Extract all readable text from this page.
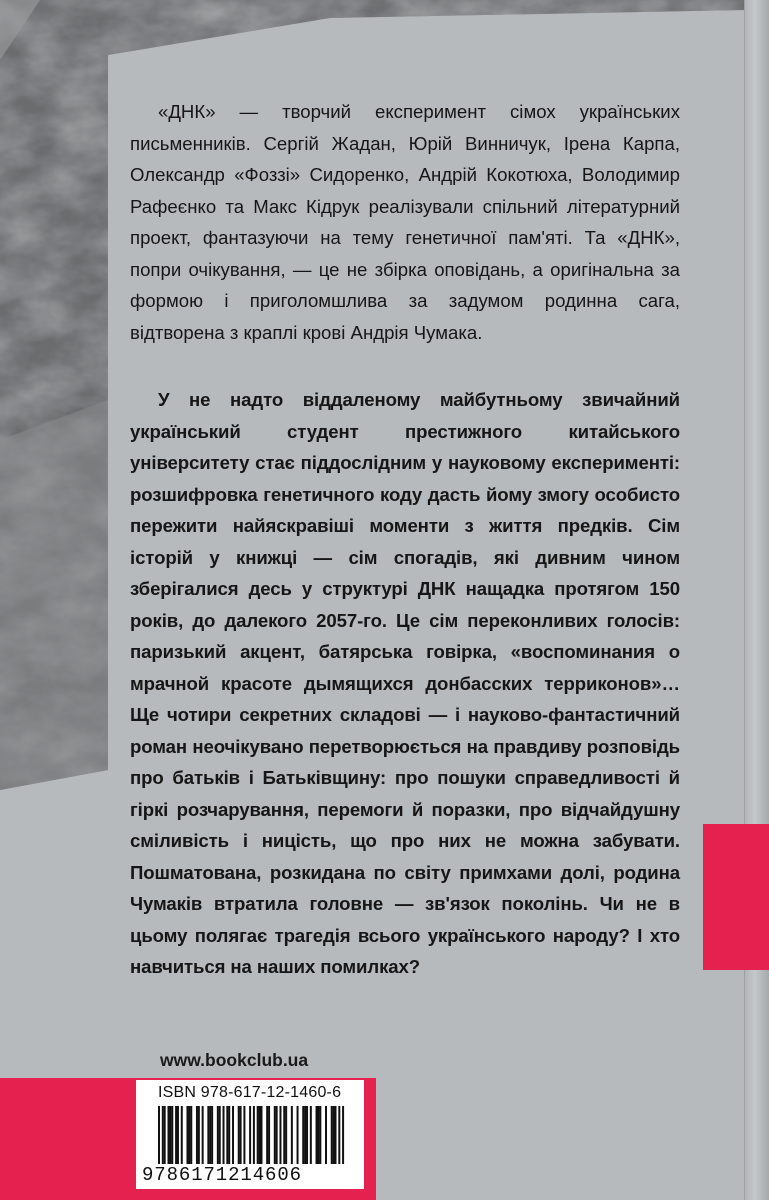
«ДНК» — творчий експеримент сімох українських письменників. Сергій Жадан, Юрій Винничук, Ірена Карпа, Олександр «Фоззі» Сидоренко, Андрій Кокотюха, Володимир Рафеєнко та Макс Кідрук реалізували спільний літературний проект, фантазуючи на тему генетичної пам'яті. Та «ДНК», попри очікування, — це не збірка оповідань, а оригінальна за формою і приголомшлива за задумом родинна сага, відтворена з краплі крові Андрія Чумака.

У не надто віддаленому майбутньому звичайний український студент престижного китайського університету стає піддослідним у науковому експерименті: розшифровка генетичного коду дасть йому змогу особисто пережити найяскравіші моменти з життя предків. Сім історій у книжці — сім спогадів, які дивним чином зберігалися десь у структурі ДНК нащадка протягом 150 років, до далекого 2057-го. Це сім переконливих голосів: паризький акцент, батярська говірка, «воспоминания о мрачной красоте дымящихся донбасских терриконов»… Ще чотири секретних складові — і науково-фантастичний роман неочікувано перетворюється на правдиву розповідь про батьків і Батьківщину: про пошуки справедливості й гіркі розчарування, перемоги й поразки, про відчайдушну сміливість і ницість, що про них не можна забувати. Пошматована, розкидана по світу примхами долі, родина Чумаків втратила головне — зв'язок поколінь. Чи не в цьому полягає трагедія всього українського народу? І хто навчиться на наших помилках?

www.bookclub.ua
ISBN 978-617-12-1460-6
9786171214606
